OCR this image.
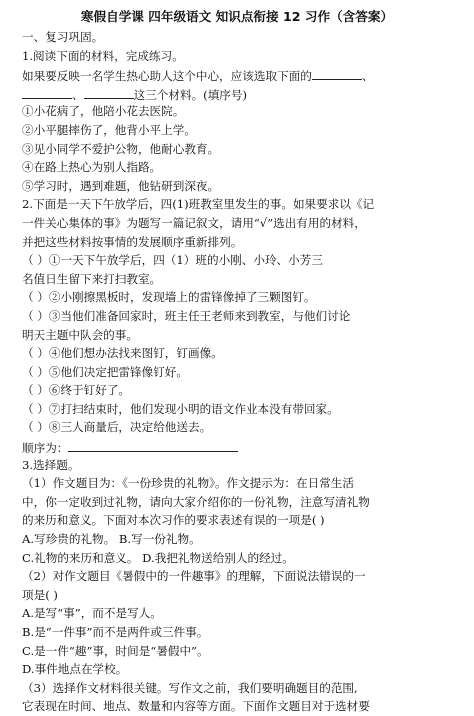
寒假自学课 四年级语文 知识点衔接 12 习作（含答案）
一、复习巩固。
1.阅读下面的材料，完成练习。
如果要反映一名学生热心助人这个中心，应该选取下面的	、
、	这三个材料。(填序号)
①小花病了，他陪小花去医院。
②小平腿摔伤了，他背小平上学。
③见小同学不爱护公物，他耐心教育。
④在路上热心为别人指路。
⑤学习时，遇到难题，他钻研到深夜。
2.下面是一天下午放学后，四(1)班教室里发生的事。如果要求以《记
一件关心集体的事》为题写一篇记叙文，请用“√”选出有用的材料，
并把这些材料按事情的发展顺序重新排列。
（ ）①一天下午放学后，四（1）班的小刚、小玲、小芳三
名值日生留下来打扫教室。
（ ）②小刚擦黑板时，发现墙上的雷锋像掉了三颗图钉。
（ ）③当他们准备回家时，班主任王老师来到教室，与他们讨论
明天主题中队会的事。
（ ）④他们想办法找来图钉，钉画像。
（ ）⑤他们决定把雷锋像钉好。
（ ）⑥终于钉好了。
（ ）⑦打扫结束时，他们发现小明的语文作业本没有带回家。
（ ）⑧三人商量后，决定给他送去。
顺序为：
3.选择题。
（1）作文题目为：《一份珍贵的礼物》。作文提示为：在日常生活
中，你一定收到过礼物，请向大家介绍你的一份礼物，注意写清礼物
的来历和意义。下面对本次习作的要求表述有误的一项是( )
A.写珍贵的礼物。 B.写一份礼物。
C.礼物的来历和意义。 D.我把礼物送给别人的经过。
（2）对作文题目《暑假中的一件趣事》的理解，下面说法错误的一
项是( )
A.是写“事”，而不是写人。
B.是“一件事”而不是两件或三件事。
C.是一件“趣”事，时间是“暑假中”。
D.事件地点在学校。
（3）选择作文材料很关键。写作文之前，我们要明确题目的范围,
它表现在时间、地点、数量和内容等方面。下面作文题目对于选材要
